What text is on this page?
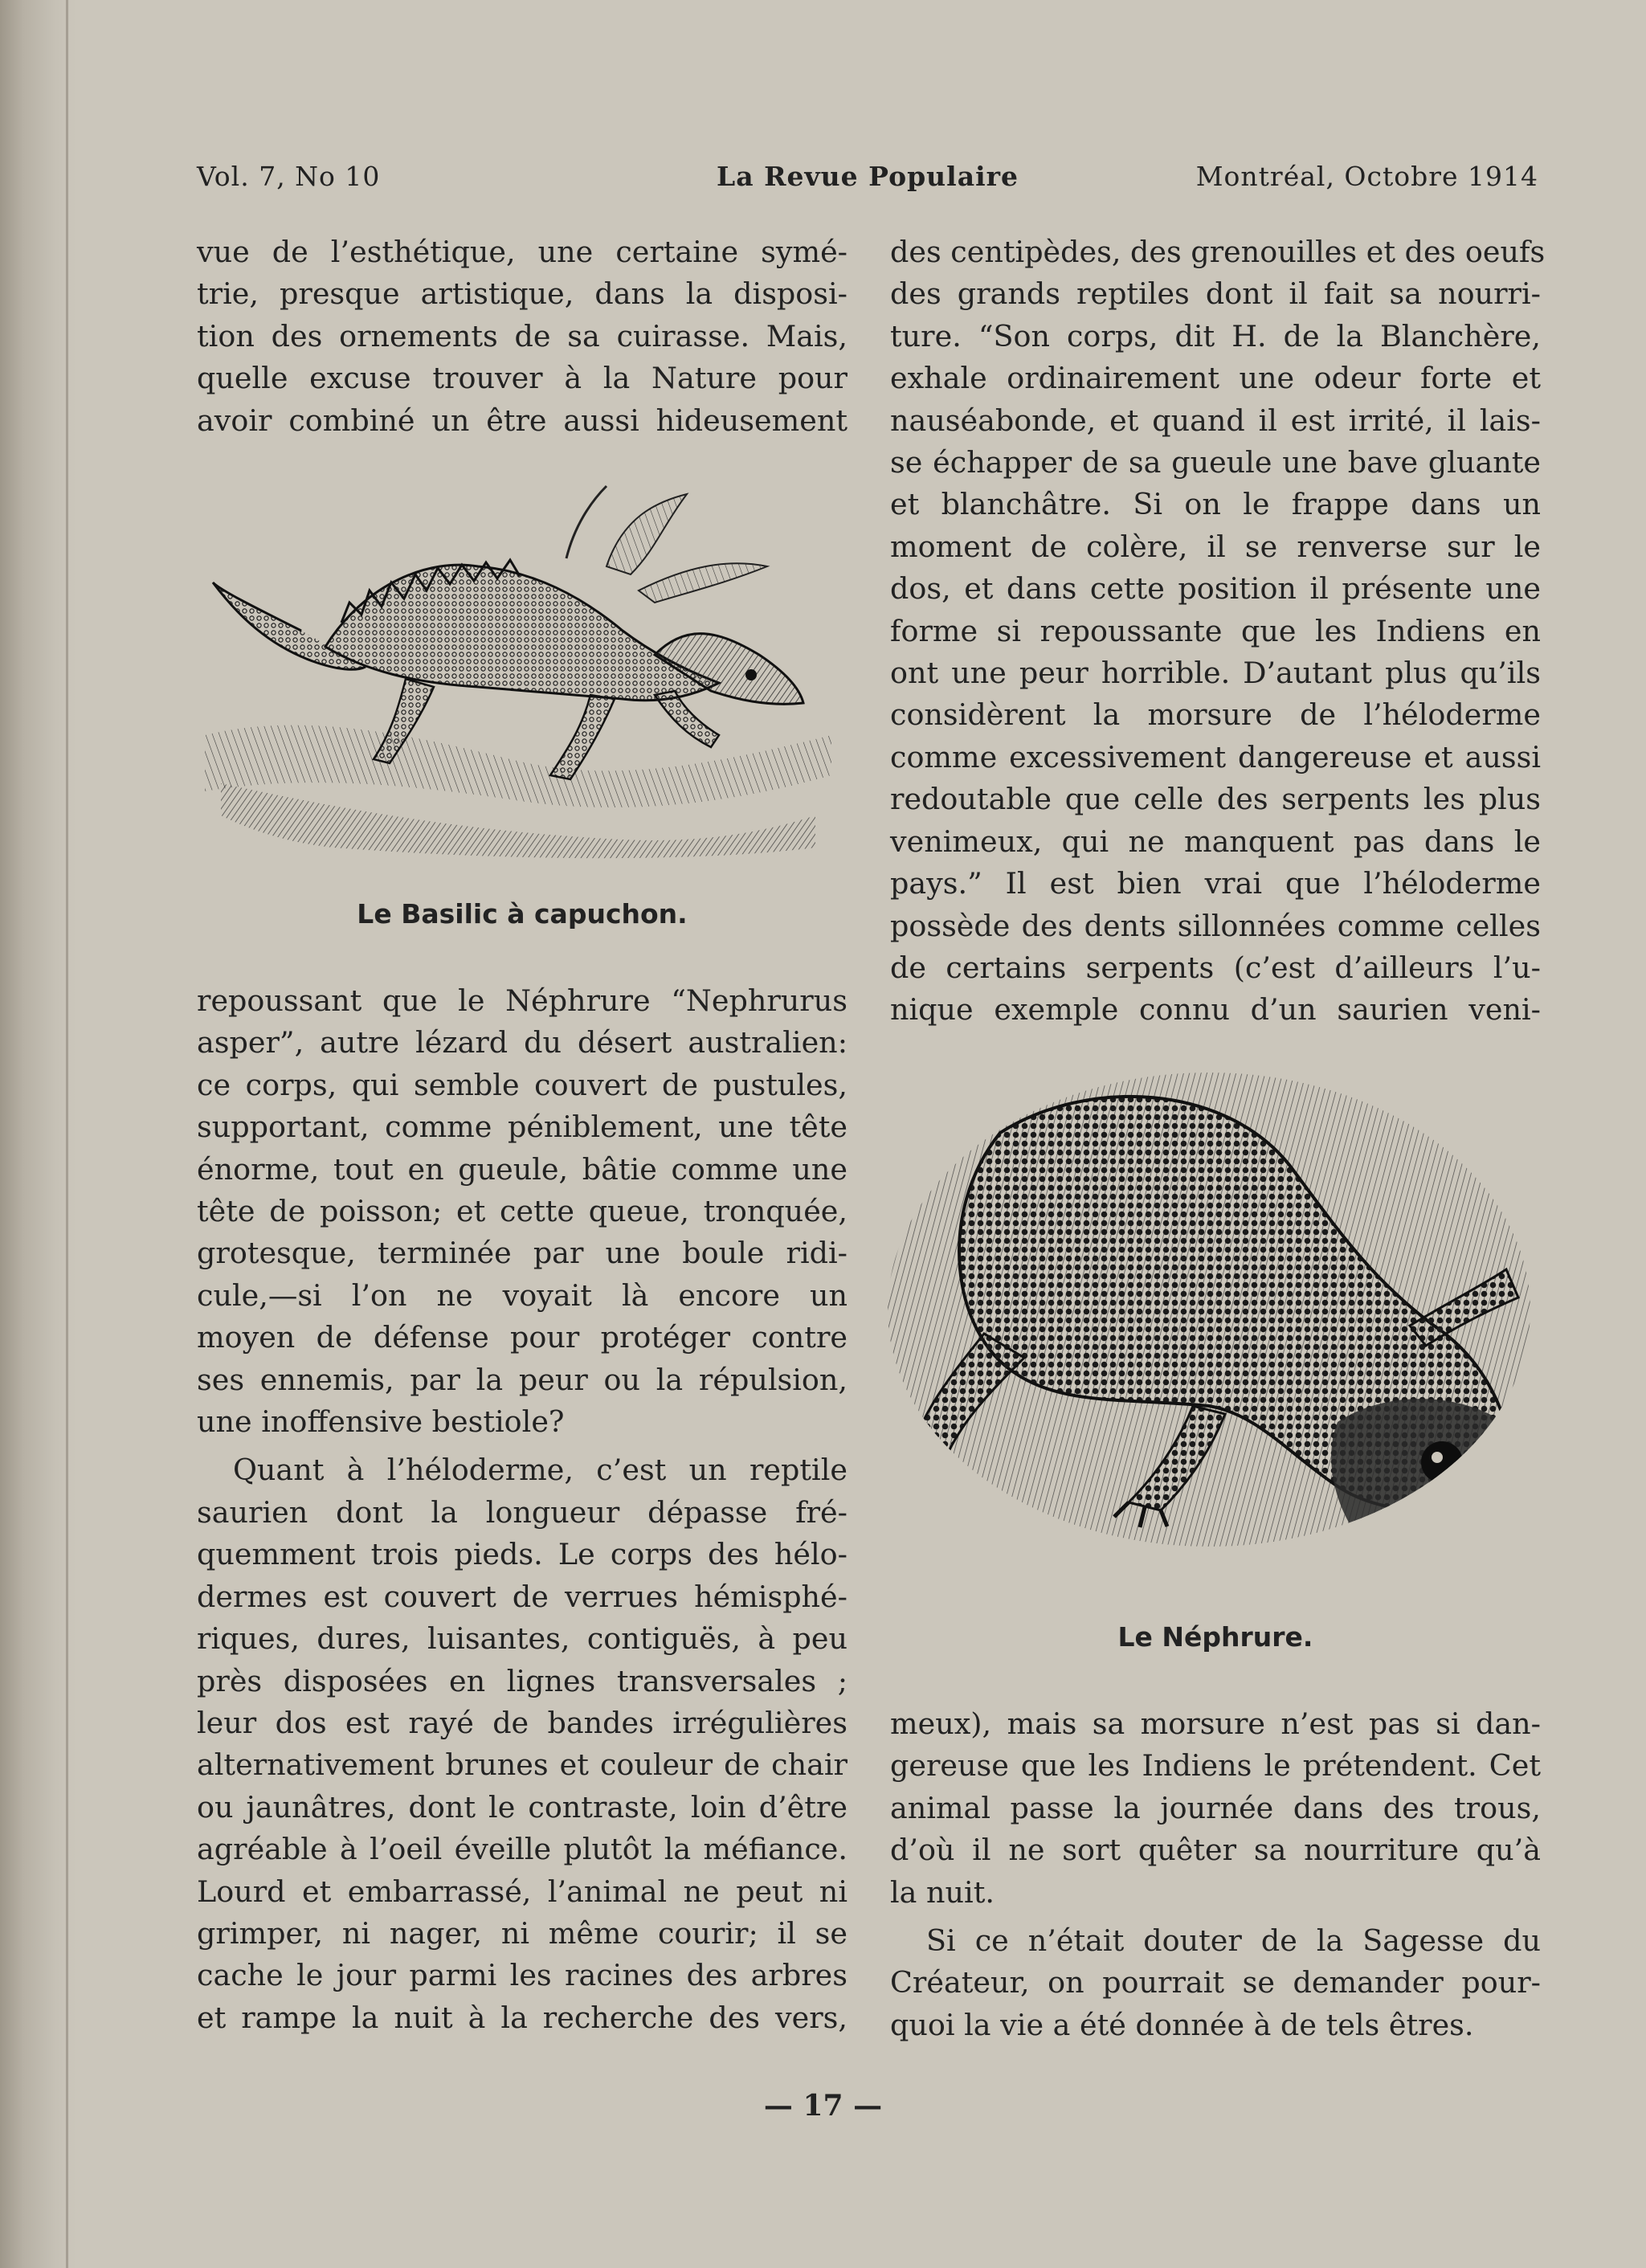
Vol. 7, No 10	La Revue Populaire	Montréal, Octobre 1914
vue de l’esthétique, une certaine symé-
trie, presque artistique, dans la disposi-
tion des ornements de sa cuirasse. Mais,
quelle excuse trouver à la Nature pour
avoir combiné un être aussi hideusement
Le Basilic à capuchon.
repoussant que le Néphrure “Nephrurus
asper”, autre lézard du désert australien:
ce corps, qui semble couvert de pustules,
supportant, comme péniblement, une tête
énorme, tout en gueule, bâtie comme une
tête de poisson; et cette queue, tronquée,
grotesque, terminée par une boule ridi-
cule,—si l’on ne voyait là encore un
moyen de défense pour protéger contre
ses ennemis, par la peur ou la répulsion,
une inoffensive bestiole?
Quant à l’héloderme, c’est un reptile
saurien dont la longueur dépasse fré-
quemment trois pieds. Le corps des hélo-
dermes est couvert de verrues hémisphé-
riques, dures, luisantes, contiguës, à peu
près disposées en lignes transversales ;
leur dos est rayé de bandes irrégulières
alternativement brunes et couleur de chair
ou jaunâtres, dont le contraste, loin d’être
agréable à l’oeil éveille plutôt la méfiance.
Lourd et embarrassé, l’animal ne peut ni
grimper, ni nager, ni même courir; il se
cache le jour parmi les racines des arbres
et rampe la nuit à la recherche des vers,
des centipèdes, des grenouilles et des oeufs
des grands reptiles dont il fait sa nourri-
ture. “Son corps, dit H. de la Blanchère,
exhale ordinairement une odeur forte et
nauséabonde, et quand il est irrité, il lais-
se échapper de sa gueule une bave gluante
et blanchâtre. Si on le frappe dans un
moment de colère, il se renverse sur le
dos, et dans cette position il présente une
forme si repoussante que les Indiens en
ont une peur horrible. D’autant plus qu’ils
considèrent la morsure de l’héloderme
comme excessivement dangereuse et aussi
redoutable que celle des serpents les plus
venimeux, qui ne manquent pas dans le
pays.” Il est bien vrai que l’héloderme
possède des dents sillonnées comme celles
de certains serpents (c’est d’ailleurs l’u-
nique exemple connu d’un saurien veni-
Le Néphrure.
meux), mais sa morsure n’est pas si dan-
gereuse que les Indiens le prétendent. Cet
animal passe la journée dans des trous,
d’où il ne sort quêter sa nourriture qu’à
la nuit.
Si ce n’était douter de la Sagesse du
Créateur, on pourrait se demander pour-
quoi la vie a été donnée à de tels êtres.
— 17 —
